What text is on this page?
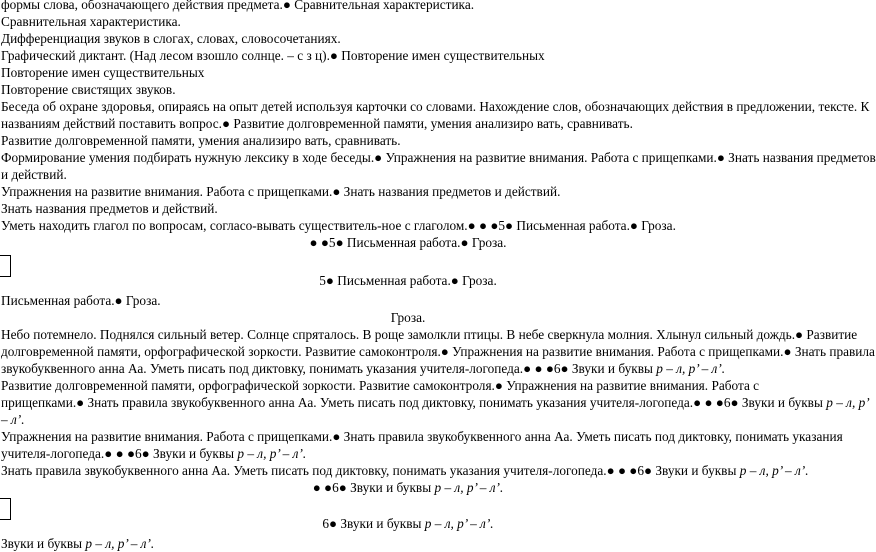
формы слова, обозначающего действия предмета.● Сравнительная характеристика.
Сравнительная характеристика.
Дифференциация звуков в слогах, словах, словосочетаниях.
Графический диктант. (Над лесом взошло солнце. – с з ц).● Повторение имен существительных
Повторение имен существительных
Повторение свистящих звуков.
Беседа об охране здоровья, опираясь на опыт детей используя карточки со словами. Нахождение слов, обозначающих действия в предложении, тексте. К
названиям действий поставить вопрос.● Развитие долговременной памяти, умения анализиро вать, сравнивать.
Развитие долговременной памяти, умения анализиро вать, сравнивать.
Формирование умения подбирать нужную лексику в ходе беседы.● Упражнения на развитие внимания. Работа с прищепками.● Знать названия предметов
и действий.
Упражнения на развитие внимания. Работа с прищепками.● Знать названия предметов и действий.
Знать названия предметов и действий.
Уметь находить глагол по вопросам, согласо-вывать существитель-ное с глаголом.● ● ●5● Письменная работа.● Гроза.
● ●5● Письменная работа.● Гроза.
5● Письменная работа.● Гроза.
Письменная работа.● Гроза.
Гроза.
Небо потемнело. Поднялся сильный ветер. Солнце спряталось. В роще замолкли птицы. В небе сверкнула молния. Хлынул сильный дождь.● Развитие
долговременной памяти, орфографической зоркости. Развитие самоконтроля.● Упражнения на развитие внимания. Работа с прищепками.● Знать правила
звукобуквенного анна Аа. Уметь писать под диктовку, понимать указания учителя-логопеда.● ● ●6● Звуки и буквы р – л, р’ – л’.
Развитие долговременной памяти, орфографической зоркости. Развитие самоконтроля.● Упражнения на развитие внимания. Работа с
прищепками.● Знать правила звукобуквенного анна Аа. Уметь писать под диктовку, понимать указания учителя-логопеда.● ● ●6● Звуки и буквы р – л, р’
– л’.
Упражнения на развитие внимания. Работа с прищепками.● Знать правила звукобуквенного анна Аа. Уметь писать под диктовку, понимать указания
учителя-логопеда.● ● ●6● Звуки и буквы р – л, р’ – л’.
Знать правила звукобуквенного анна Аа. Уметь писать под диктовку, понимать указания учителя-логопеда.● ● ●6● Звуки и буквы р – л, р’ – л’.
● ●6● Звуки и буквы р – л, р’ – л’.
6● Звуки и буквы р – л, р’ – л’.
Звуки и буквы р – л, р’ – л’.
